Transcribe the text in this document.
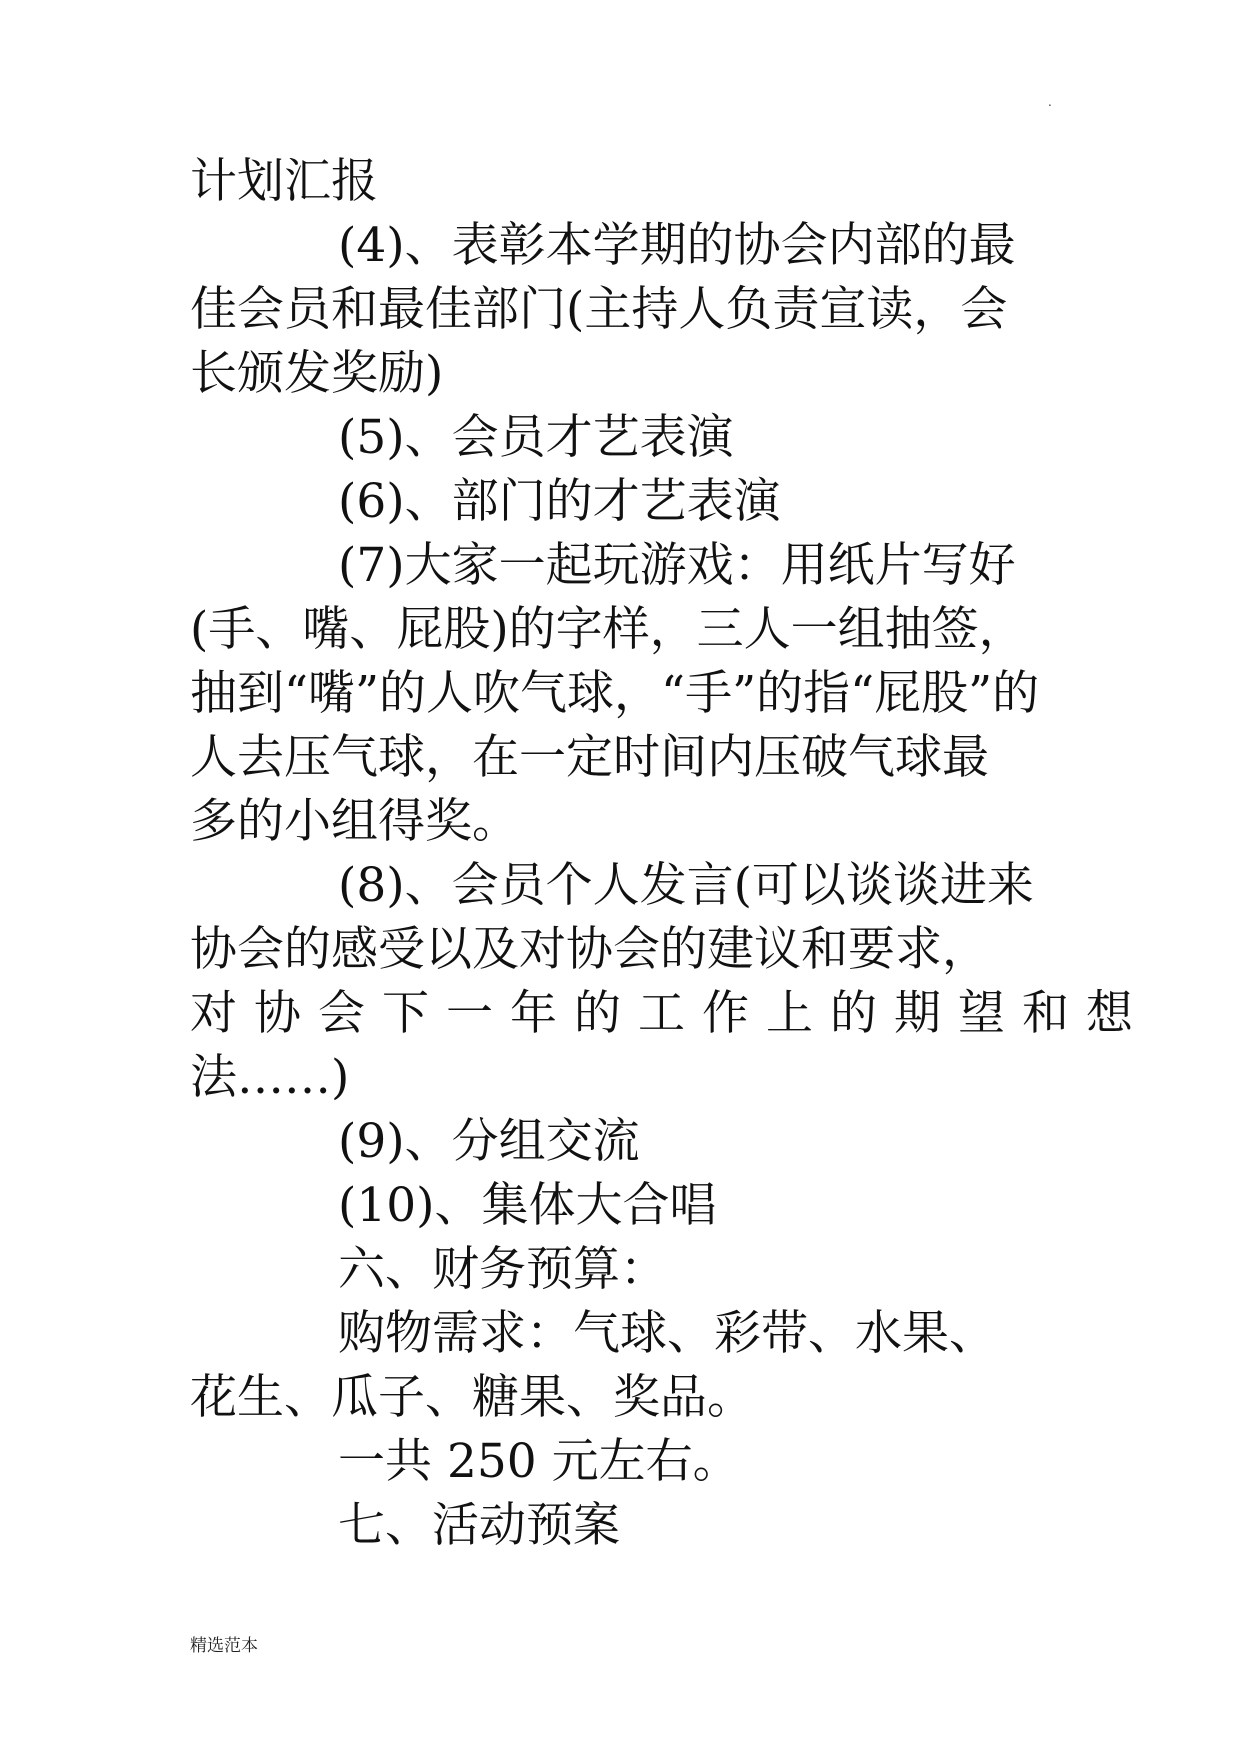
.
计划汇报
(4)、表彰本学期的协会内部的最
佳会员和最佳部门(主持人负责宣读，会
长颁发奖励)
(5)、会员才艺表演
(6)、部门的才艺表演
(7)大家一起玩游戏：用纸片写好
(手、嘴、屁股)的字样，三人一组抽签，
抽到“嘴”的人吹气球，“手”的指“屁股”的
人去压气球，在一定时间内压破气球最
多的小组得奖。
(8)、会员个人发言(可以谈谈进来
协会的感受以及对协会的建议和要求，
对协会下一年的工作上的期望和想
法……)
(9)、分组交流
(10)、集体大合唱
六、财务预算：
购物需求：气球、彩带、水果、
花生、瓜子、糖果、奖品。
一共 250 元左右。
七、活动预案
精选范本
